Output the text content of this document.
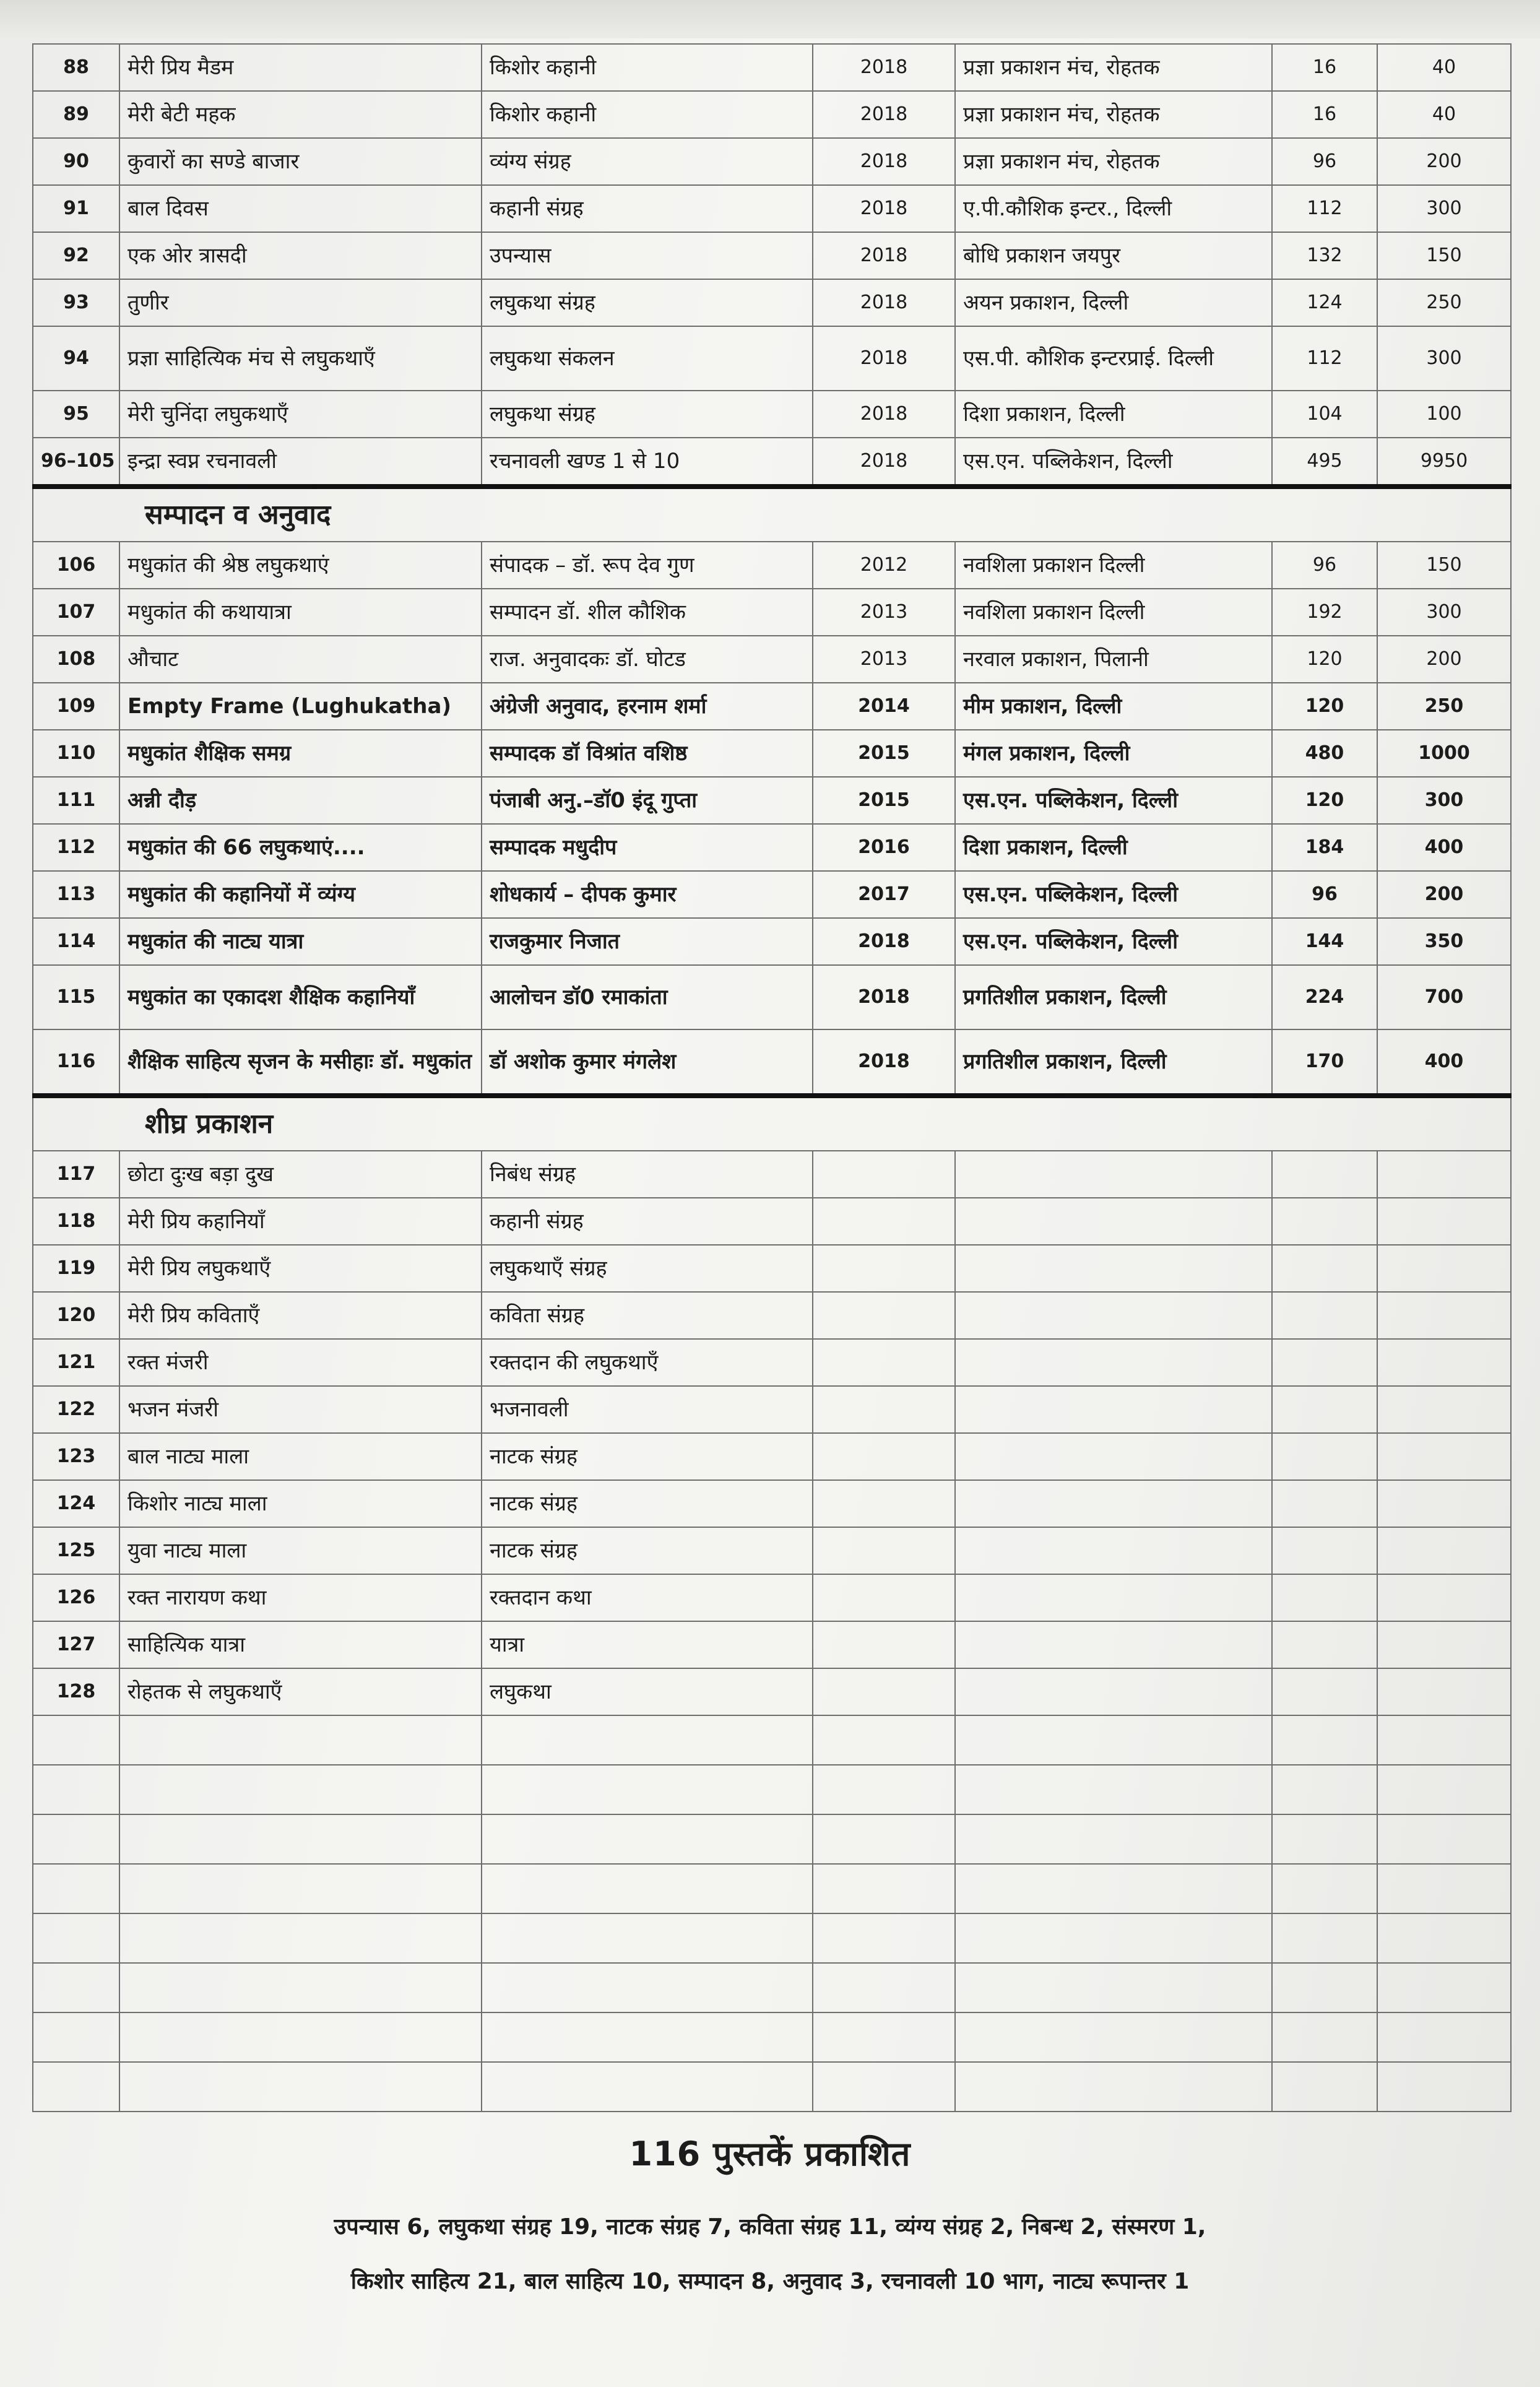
88	मेरी प्रिय मैडम	किशोर कहानी	2018	प्रज्ञा प्रकाशन मंच, रोहतक	16	40
89	मेरी बेटी महक	किशोर कहानी	2018	प्रज्ञा प्रकाशन मंच, रोहतक	16	40
90	कुवारों का सण्डे बाजार	व्यंग्य संग्रह	2018	प्रज्ञा प्रकाशन मंच, रोहतक	96	200
91	बाल दिवस	कहानी संग्रह	2018	ए.पी.कौशिक इन्टर., दिल्ली	112	300
92	एक ओर त्रासदी	उपन्यास	2018	बोधि प्रकाशन जयपुर	132	150
93	तुणीर	लघुकथा संग्रह	2018	अयन प्रकाशन, दिल्ली	124	250
94	प्रज्ञा साहित्यिक मंच से लघुकथाएँ	लघुकथा संकलन	2018	एस.पी. कौशिक इन्टरप्राई. दिल्ली	112	300
95	मेरी चुनिंदा लघुकथाएँ	लघुकथा संग्रह	2018	दिशा प्रकाशन, दिल्ली	104	100
96–105	इन्द्रा स्वप्न रचनावली	रचनावली खण्ड 1 से 10	2018	एस.एन. पब्लिकेशन, दिल्ली	495	9950
सम्पादन व अनुवाद						
106	मधुकांत की श्रेष्ठ लघुकथाएं	संपादक – डॉ. रूप देव गुण	2012	नवशिला प्रकाशन दिल्ली	96	150
107	मधुकांत की कथायात्रा	सम्पादन डॉ. शील कौशिक	2013	नवशिला प्रकाशन दिल्ली	192	300
108	औचाट	राज. अनुवादकः डॉ. घोटड	2013	नरवाल प्रकाशन, पिलानी	120	200
109	Empty Frame (Lughukatha)	अंग्रेजी अनुवाद, हरनाम शर्मा	2014	मीम प्रकाशन, दिल्ली	120	250
110	मधुकांत शैक्षिक समग्र	सम्पादक डॉ विश्रांत वशिष्ठ	2015	मंगल प्रकाशन, दिल्ली	480	1000
111	अन्नी दौड़	पंजाबी अनु.–डॉ0 इंदू गुप्ता	2015	एस.एन. पब्लिकेशन, दिल्ली	120	300
112	मधुकांत की 66 लघुकथाएं....	सम्पादक मधुदीप	2016	दिशा प्रकाशन, दिल्ली	184	400
113	मधुकांत की कहानियों में व्यंग्य	शोधकार्य – दीपक कुमार	2017	एस.एन. पब्लिकेशन, दिल्ली	96	200
114	मधुकांत की नाट्य यात्रा	राजकुमार निजात	2018	एस.एन. पब्लिकेशन, दिल्ली	144	350
115	मधुकांत का एकादश शैक्षिक कहानियाँ	आलोचन डॉ0 रमाकांता	2018	प्रगतिशील प्रकाशन, दिल्ली	224	700
116	शैक्षिक साहित्य सृजन के मसीहाः डॉ. मधुकांत	डॉ अशोक कुमार मंगलेश	2018	प्रगतिशील प्रकाशन, दिल्ली	170	400
शीघ्र प्रकाशन						
117	छोटा दुःख बड़ा दुख	निबंध संग्रह				
118	मेरी प्रिय कहानियाँ	कहानी संग्रह				
119	मेरी प्रिय लघुकथाएँ	लघुकथाएँ संग्रह				
120	मेरी प्रिय कविताएँ	कविता संग्रह				
121	रक्त मंजरी	रक्तदान की लघुकथाएँ				
122	भजन मंजरी	भजनावली				
123	बाल नाट्य माला	नाटक संग्रह				
124	किशोर नाट्य माला	नाटक संग्रह				
125	युवा नाट्य माला	नाटक संग्रह				
126	रक्त नारायण कथा	रक्तदान कथा				
127	साहित्यिक यात्रा	यात्रा				
128	रोहतक से लघुकथाएँ	लघुकथा				

116 पुस्तकें प्रकाशित
उपन्यास 6, लघुकथा संग्रह 19, नाटक संग्रह 7, कविता संग्रह 11, व्यंग्य संग्रह 2, निबन्ध 2, संस्मरण 1,
किशोर साहित्य 21, बाल साहित्य 10, सम्पादन 8, अनुवाद 3, रचनावली 10 भाग, नाट्य रूपान्तर 1
